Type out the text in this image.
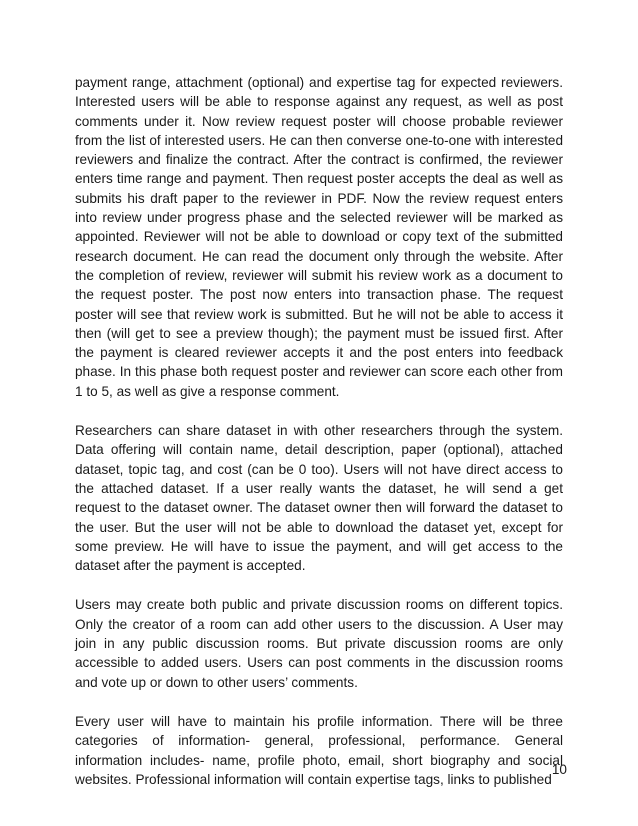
payment range, attachment (optional) and expertise tag for expected reviewers. Interested users will be able to response against any request, as well as post comments under it. Now review request poster will choose probable reviewer from the list of interested users. He can then converse one-to-one with interested reviewers and finalize the contract. After the contract is confirmed, the reviewer enters time range and payment. Then request poster accepts the deal as well as submits his draft paper to the reviewer in PDF. Now the review request enters into review under progress phase and the selected reviewer will be marked as appointed. Reviewer will not be able to download or copy text of the submitted research document. He can read the document only through the website. After the completion of review, reviewer will submit his review work as a document to the request poster. The post now enters into transaction phase. The request poster will see that review work is submitted. But he will not be able to access it then (will get to see a preview though); the payment must be issued first. After the payment is cleared reviewer accepts it and the post enters into feedback phase. In this phase both request poster and reviewer can score each other from 1 to 5, as well as give a response comment.

Researchers can share dataset in with other researchers through the system. Data offering will contain name, detail description, paper (optional), attached dataset, topic tag, and cost (can be 0 too). Users will not have direct access to the attached dataset. If a user really wants the dataset, he will send a get request to the dataset owner. The dataset owner then will forward the dataset to the user. But the user will not be able to download the dataset yet, except for some preview. He will have to issue the payment, and will get access to the dataset after the payment is accepted.

Users may create both public and private discussion rooms on different topics. Only the creator of a room can add other users to the discussion. A User may join in any public discussion rooms. But private discussion rooms are only accessible to added users. Users can post comments in the discussion rooms and vote up or down to other users’ comments.

Every user will have to maintain his profile information. There will be three categories of information- general, professional, performance. General information includes- name, profile photo, email, short biography and social websites. Professional information will contain expertise tags, links to published

10
